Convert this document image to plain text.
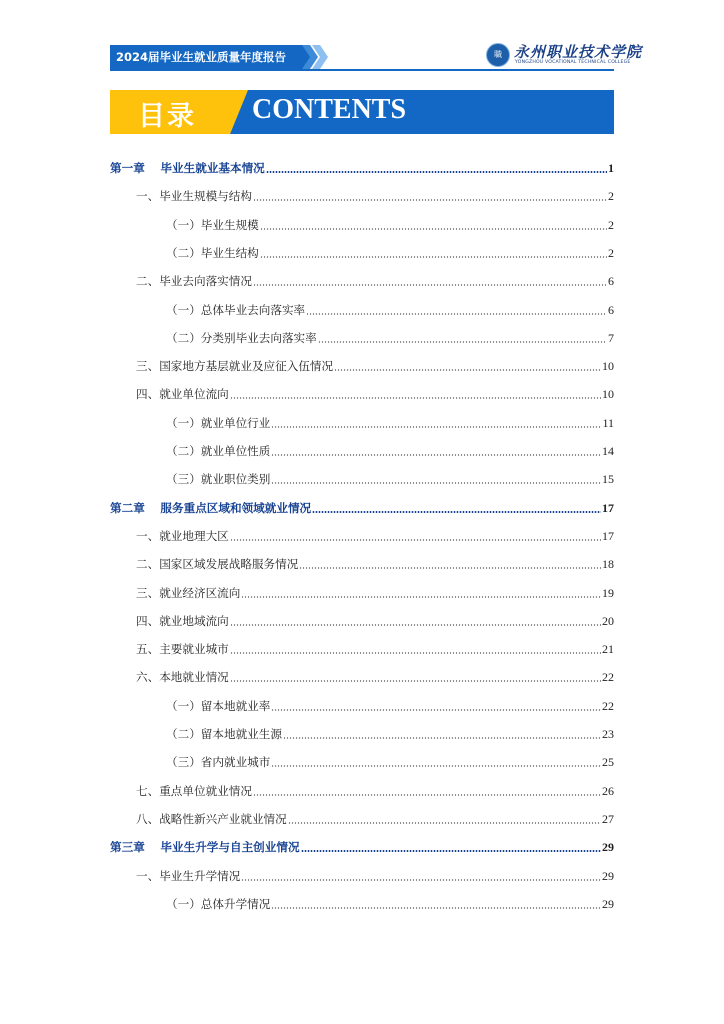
2024届毕业生就业质量年度报告	職 永州职业技术学院
YONGZHOU VOCATIONAL TECHNICAL COLLEGE
目录 CONTENTS
第一章　 毕业生就业基本情况	1
一、毕业生规模与结构	2
（一）毕业生规模	2
（二）毕业生结构	2
二、毕业去向落实情况	6
（一）总体毕业去向落实率	6
（二）分类别毕业去向落实率	7
三、国家地方基层就业及应征入伍情况	10
四、就业单位流向	10
（一）就业单位行业	11
（二）就业单位性质	14
（三）就业职位类别	15
第二章　 服务重点区域和领域就业情况	17
一、就业地理大区	17
二、国家区域发展战略服务情况	18
三、就业经济区流向	19
四、就业地域流向	20
五、主要就业城市	21
六、本地就业情况	22
（一）留本地就业率	22
（二）留本地就业生源	23
（三）省内就业城市	25
七、重点单位就业情况	26
八、战略性新兴产业就业情况	27
第三章　 毕业生升学与自主创业情况	29
一、毕业生升学情况	29
（一）总体升学情况	29
